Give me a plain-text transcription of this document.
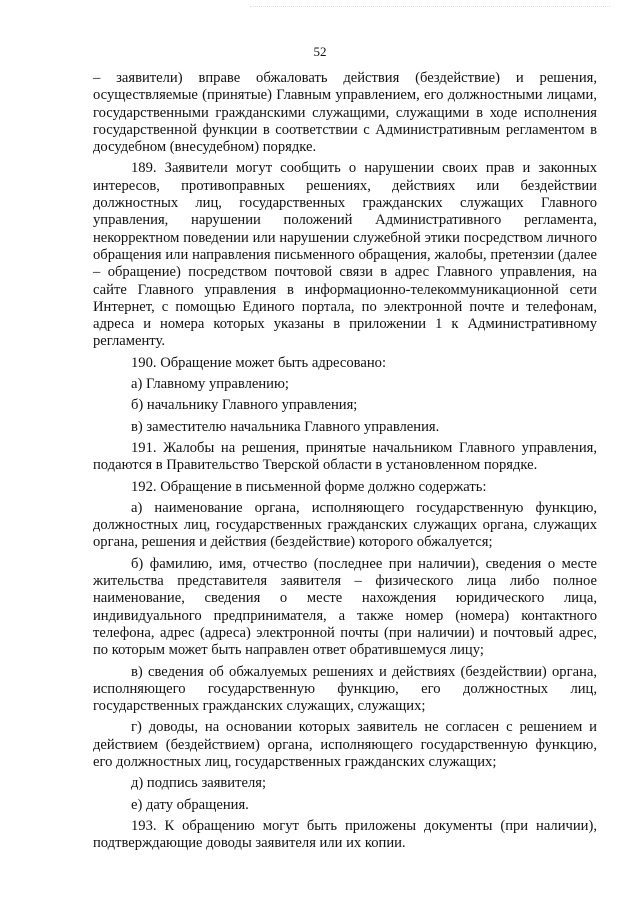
52

– заявители) вправе обжаловать действия (бездействие) и решения, осуществляемые (принятые) Главным управлением, его должностными лицами, государственными гражданскими служащими, служащими в ходе исполнения государственной функции в соответствии с Административным регламентом в досудебном (внесудебном) порядке.

189. Заявители могут сообщить о нарушении своих прав и законных интересов, противоправных решениях, действиях или бездействии должностных лиц, государственных гражданских служащих Главного управления, нарушении положений Административного регламента, некорректном поведении или нарушении служебной этики посредством личного обращения или направления письменного обращения, жалобы, претензии (далее – обращение) посредством почтовой связи в адрес Главного управления, на сайте Главного управления в информационно-телекоммуникационной сети Интернет, с помощью Единого портала, по электронной почте и телефонам, адреса и номера которых указаны в приложении 1 к Административному регламенту.

190. Обращение может быть адресовано:

а) Главному управлению;

б) начальнику Главного управления;

в) заместителю начальника Главного управления.

191. Жалобы на решения, принятые начальником Главного управления, подаются в Правительство Тверской области в установленном порядке.

192. Обращение в письменной форме должно содержать:

а) наименование органа, исполняющего государственную функцию, должностных лиц, государственных гражданских служащих органа, служащих органа, решения и действия (бездействие) которого обжалуется;

б) фамилию, имя, отчество (последнее при наличии), сведения о месте жительства представителя заявителя – физического лица либо полное наименование, сведения о месте нахождения юридического лица, индивидуального предпринимателя, а также номер (номера) контактного телефона, адрес (адреса) электронной почты (при наличии) и почтовый адрес, по которым может быть направлен ответ обратившемуся лицу;

в) сведения об обжалуемых решениях и действиях (бездействии) органа, исполняющего государственную функцию, его должностных лиц, государственных гражданских служащих, служащих;

г) доводы, на основании которых заявитель не согласен с решением и действием (бездействием) органа, исполняющего государственную функцию, его должностных лиц, государственных гражданских служащих;

д) подпись заявителя;

е) дату обращения.

193. К обращению могут быть приложены документы (при наличии), подтверждающие доводы заявителя или их копии.
